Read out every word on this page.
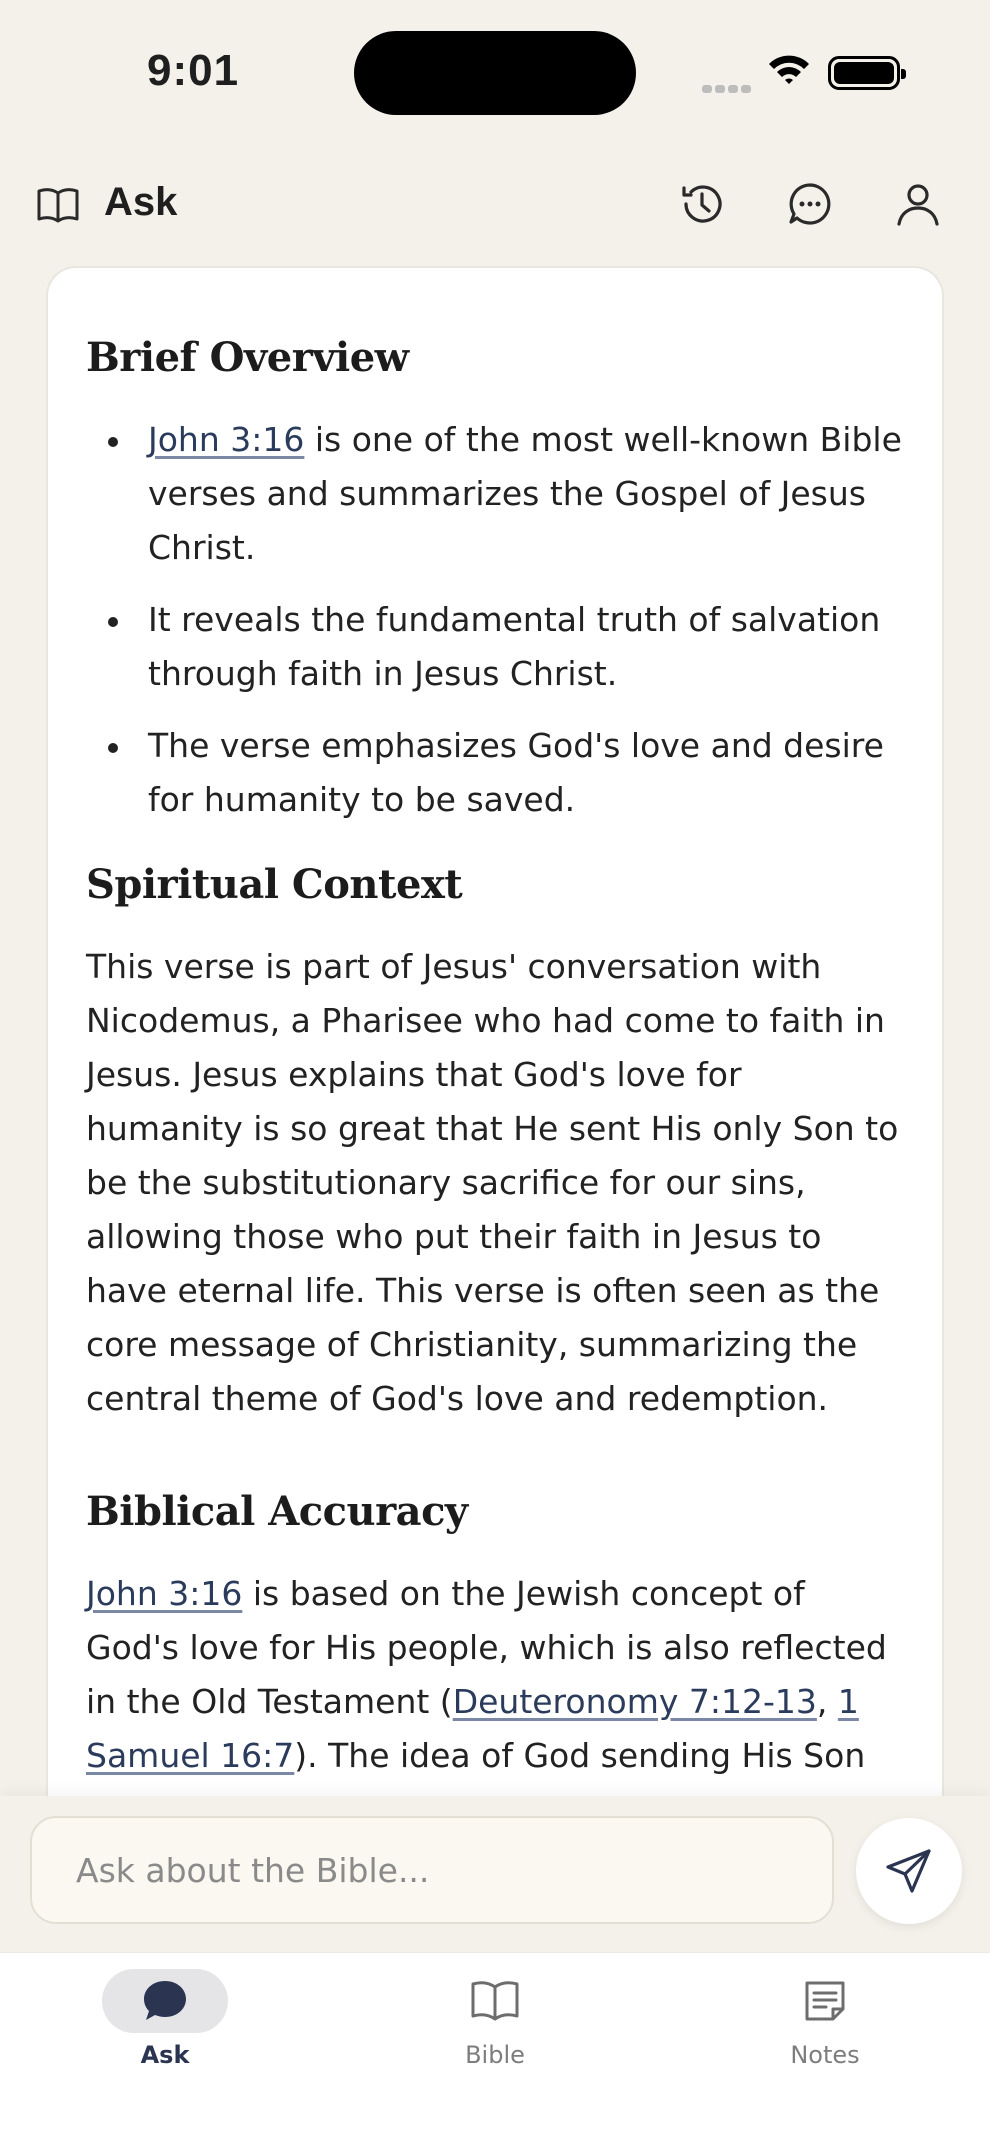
9:01
Ask
Brief Overview
John 3:16 is one of the most well-known Bible verses and summarizes the Gospel of Jesus Christ.
It reveals the fundamental truth of salvation through faith in Jesus Christ.
The verse emphasizes God's love and desire for humanity to be saved.
Spiritual Context

This verse is part of Jesus' conversation with Nicodemus, a Pharisee who had come to faith in Jesus. Jesus explains that God's love for humanity is so great that He sent His only Son to be the substitutionary sacrifice for our sins, allowing those who put their faith in Jesus to have eternal life. This verse is often seen as the core message of Christianity, summarizing the central theme of God's love and redemption.

Biblical Accuracy

John 3:16 is based on the Jewish concept of God's love for His people, which is also reflected in the Old Testament (Deuteronomy 7:12-13, 1 Samuel 16:7). The idea of God sending His Son

Ask about the Bible...
Ask	Bible	Notes
